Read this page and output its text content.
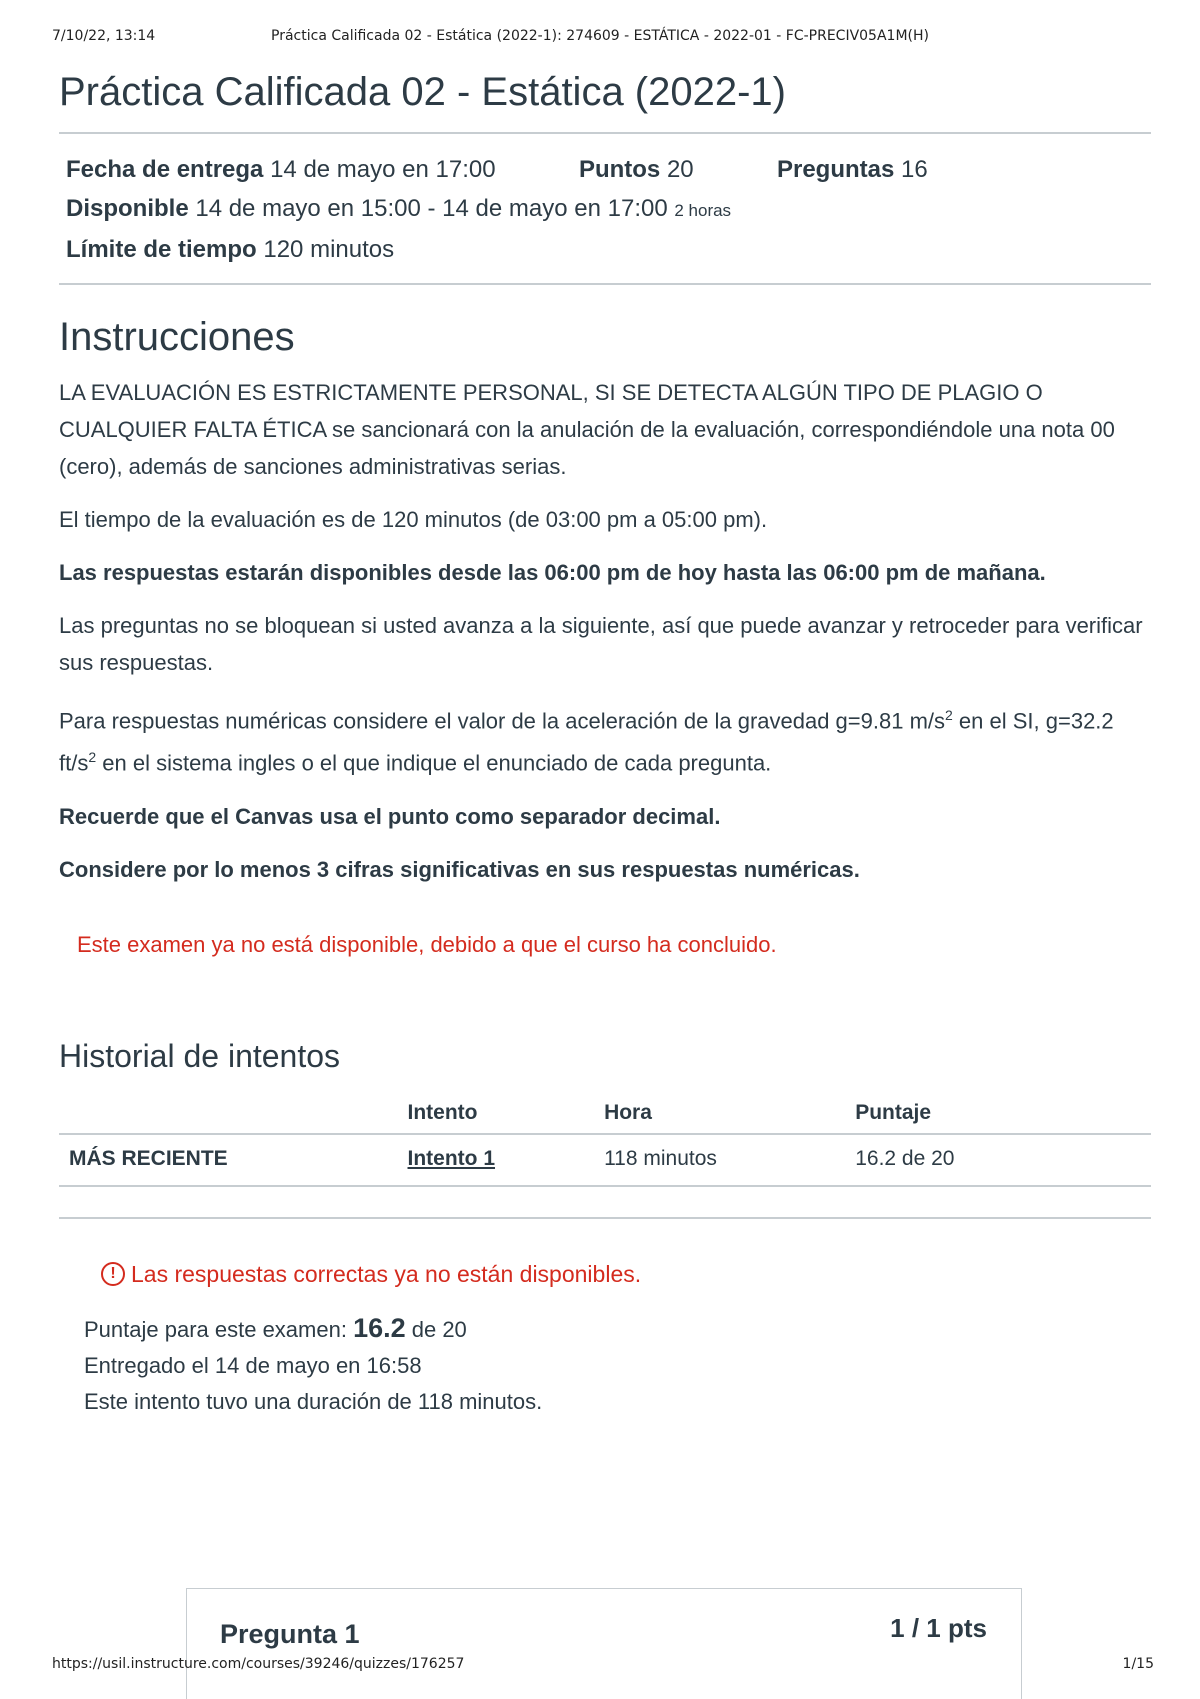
7/10/22, 13:14	Práctica Calificada 02 - Estática (2022-1): 274609 - ESTÁTICA - 2022-01 - FC-PRECIV05A1M(H)
Práctica Calificada 02 - Estática (2022-1)
Fecha de entrega 14 de mayo en 17:00	Puntos 20	Preguntas 16
Disponible 14 de mayo en 15:00 - 14 de mayo en 17:00 2 horas
Límite de tiempo 120 minutos
Instrucciones

LA EVALUACIÓN ES ESTRICTAMENTE PERSONAL, SI SE DETECTA ALGÚN TIPO DE PLAGIO O CUALQUIER FALTA ÉTICA se sancionará con la anulación de la evaluación, correspondiéndole una nota 00 (cero), además de sanciones administrativas serias.

El tiempo de la evaluación es de 120 minutos (de 03:00 pm a 05:00 pm).

Las respuestas estarán disponibles desde las 06:00 pm de hoy hasta las 06:00 pm de mañana.

Las preguntas no se bloquean si usted avanza a la siguiente, así que puede avanzar y retroceder para verificar sus respuestas.

Para respuestas numéricas considere el valor de la aceleración de la gravedad g=9.81 $m/s^2$ en el SI, g=32.2 $ft/s^2$ en el sistema ingles o el que indique el enunciado de cada pregunta.

Recuerde que el Canvas usa el punto como separador decimal.

Considere por lo menos 3 cifras significativas en sus respuestas numéricas.

Este examen ya no está disponible, debido a que el curso ha concluido.
Historial de intentos
	Intento	Hora	Puntaje
MÁS RECIENTE	Intento 1	118 minutos	16.2 de 20
! Las respuestas correctas ya no están disponibles.
Puntaje para este examen: 16.2 de 20
Entregado el 14 de mayo en 16:58
Este intento tuvo una duración de 118 minutos.
Pregunta 1	1 / 1 pts
https://usil.instructure.com/courses/39246/quizzes/176257	1/15
